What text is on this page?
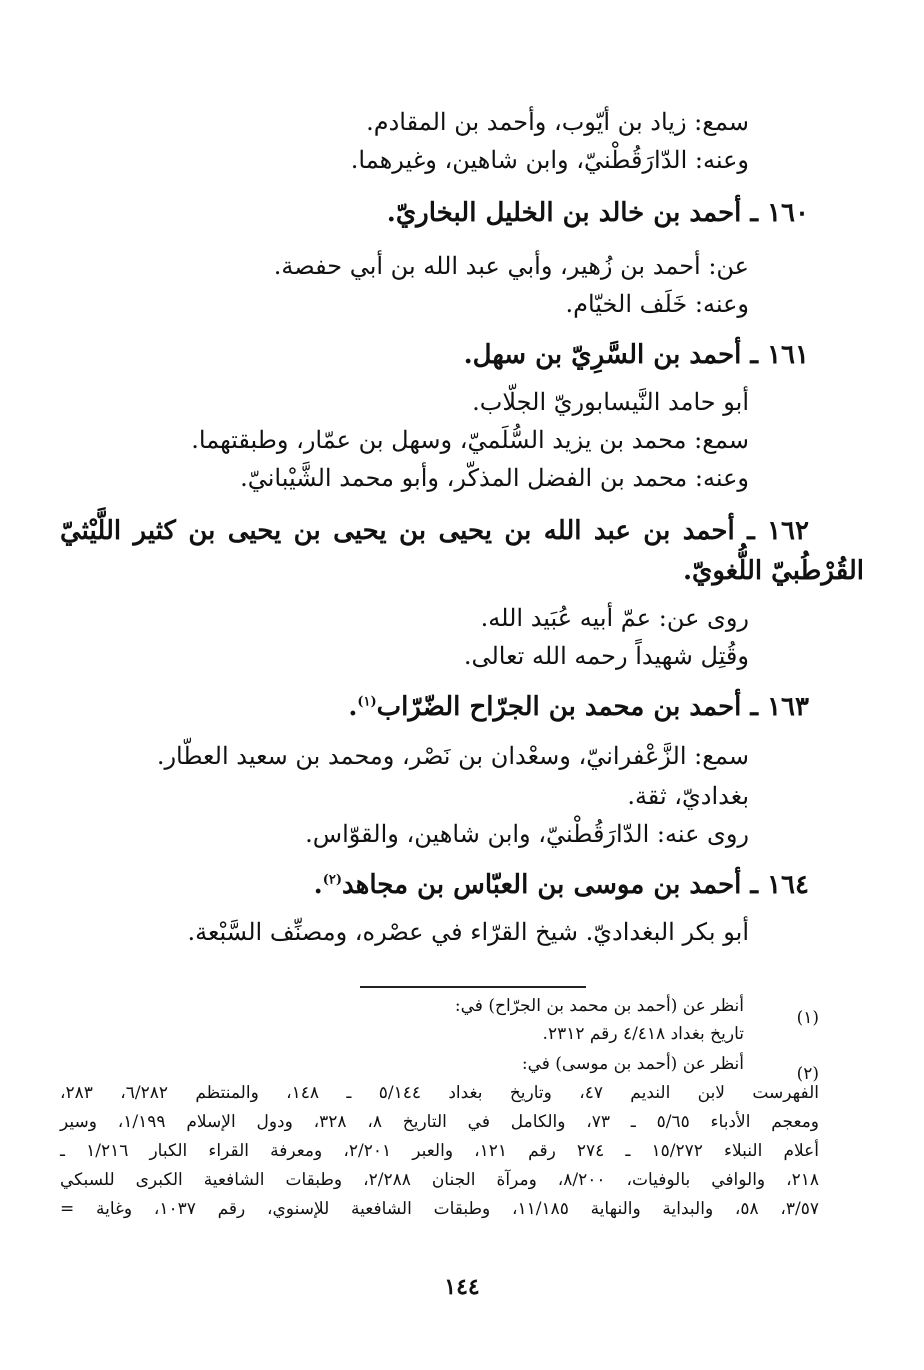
سمع: زياد بن أيّوب، وأحمد بن المقادم.
وعنه: الدّارَقُطْنيّ، وابن شاهين، وغيرهما.
١٦٠ ـ أحمد بن خالد بن الخليل البخاريّ.
عن: أحمد بن زُهير، وأبي عبد الله بن أبي حفصة.
وعنه: خَلَف الخيّام.
١٦١ ـ أحمد بن السَّرِيّ بن سهل.
أبو حامد النَّيسابوريّ الجلّاب.
سمع: محمد بن يزيد السُّلَميّ، وسهل بن عمّار، وطبقتهما.
وعنه: محمد بن الفضل المذكّر، وأبو محمد الشَّيْبانيّ.
١٦٢ ـ أحمد بن عبد الله بن يحيى بن يحيى بن يحيى بن كثير اللَّيْثيّ
القُرْطُبيّ اللُّغويّ.
روى عن: عمّ أبيه عُبَيد الله.
وقُتِل شهيداً رحمه الله تعالى.
١٦٣ ـ أحمد بن محمد بن الجرّاح الضّرّاب$^{(١)}$.
سمع: الزَّعْفرانيّ، وسعْدان بن نَصْر، ومحمد بن سعيد العطّار.
بغداديّ، ثقة.
روى عنه: الدّارَقُطْنيّ، وابن شاهين، والقوّاس.
١٦٤ ـ أحمد بن موسى بن العبّاس بن مجاهد$^{(٢)}$.
أبو بكر البغداديّ. شيخ القرّاء في عصْره، ومصنِّف السَّبْعة.
(١)
أنظر عن (أحمد بن محمد بن الجرّاح) في:
تاريخ بغداد ٤/٤١٨ رقم ٢٣١٢.
(٢)
أنظر عن (أحمد بن موسى) في:
الفهرست لابن النديم ٤٧، وتاريخ بغداد ٥/١٤٤ ـ ١٤٨، والمنتظم ٦/٢٨٢، ٢٨٣،
ومعجم الأدباء ٥/٦٥ ـ ٧٣، والكامل في التاريخ ٨، ٣٢٨، ودول الإسلام ١/١٩٩، وسير
أعلام النبلاء ١٥/٢٧٢ ـ ٢٧٤ رقم ١٢١، والعبر ٢/٢٠١، ومعرفة القراء الكبار ١/٢١٦ ـ
٢١٨، والوافي بالوفيات، ٨/٢٠٠، ومرآة الجنان ٢/٢٨٨، وطبقات الشافعية الكبرى للسبكي
٣/٥٧، ٥٨، والبداية والنهاية ١١/١٨٥، وطبقات الشافعية للإسنوي، رقم ١٠٣٧، وغاية =
١٤٤
